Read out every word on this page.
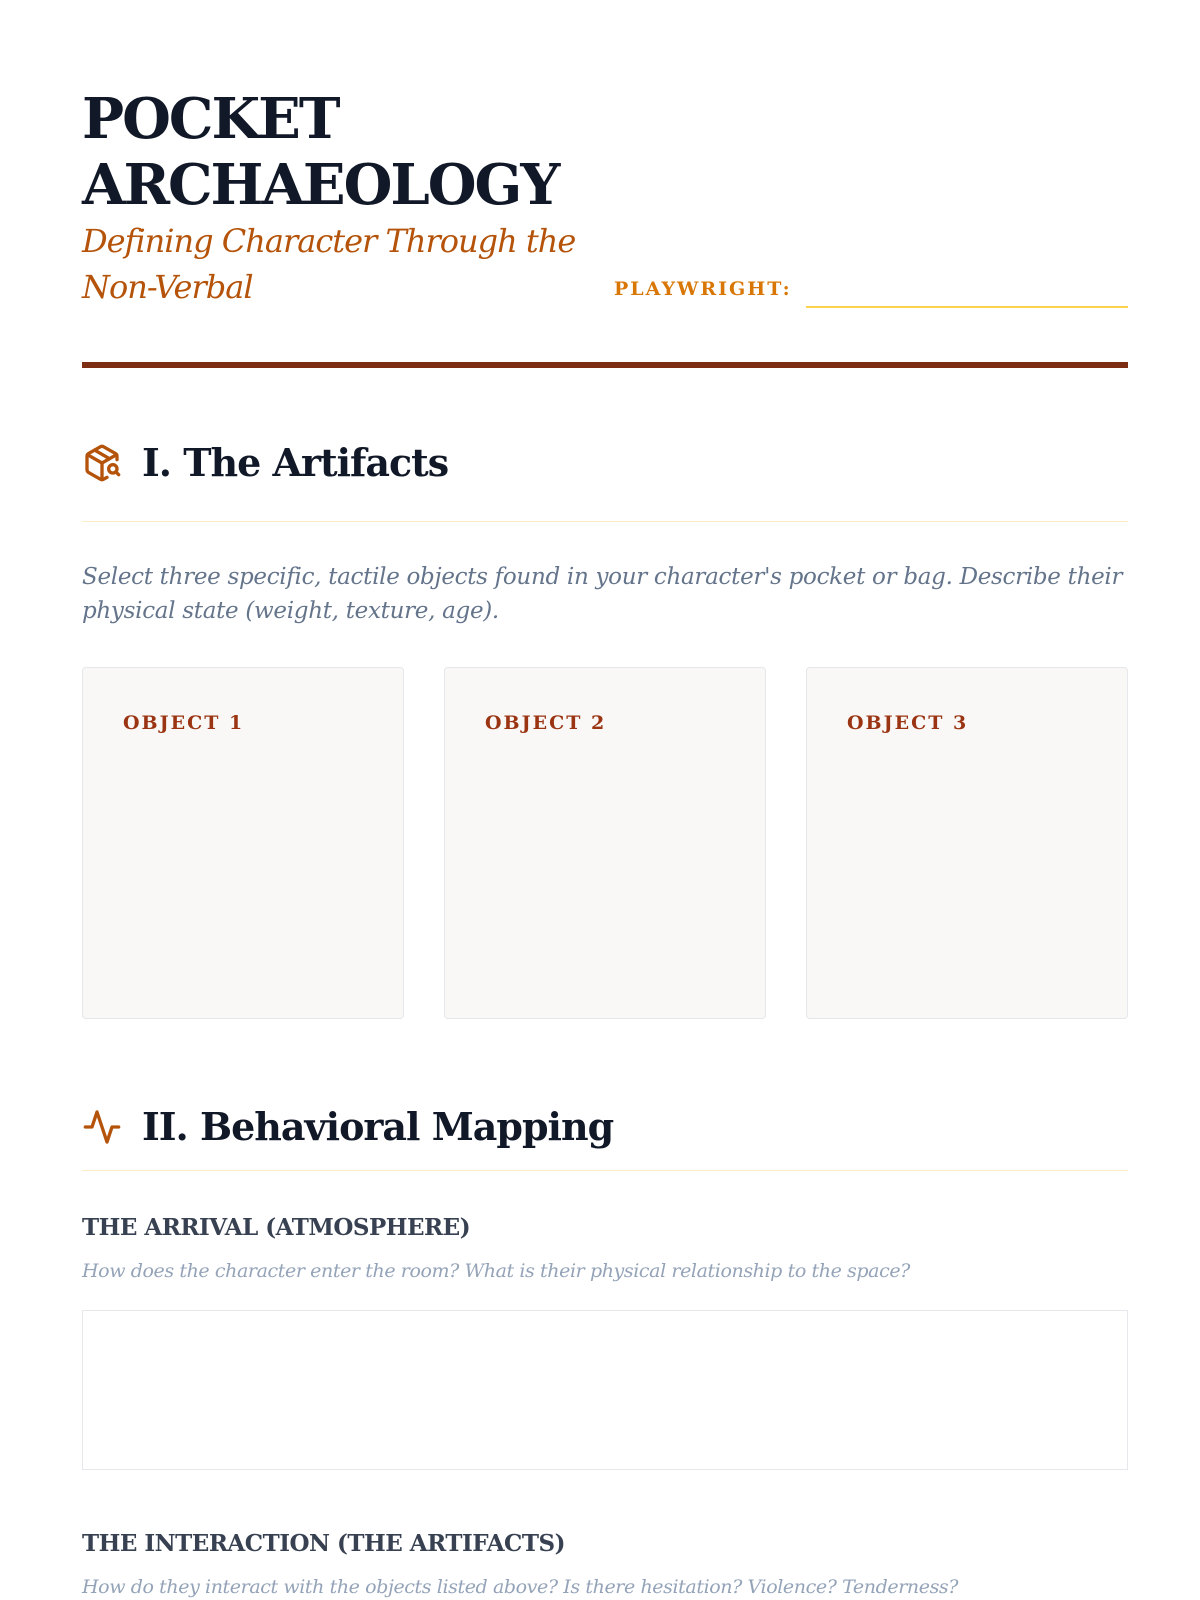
POCKET
ARCHAEOLOGY
Defining Character Through the Non-Verbal	PLAYWRIGHT:
I. The Artifacts
Select three specific, tactile objects found in your character's pocket or bag. Describe their physical state (weight, texture, age).
OBJECT 1	OBJECT 2	OBJECT 3
II. Behavioral Mapping
THE ARRIVAL (ATMOSPHERE)
How does the character enter the room? What is their physical relationship to the space?
THE INTERACTION (THE ARTIFACTS)
How do they interact with the objects listed above? Is there hesitation? Violence? Tenderness?
